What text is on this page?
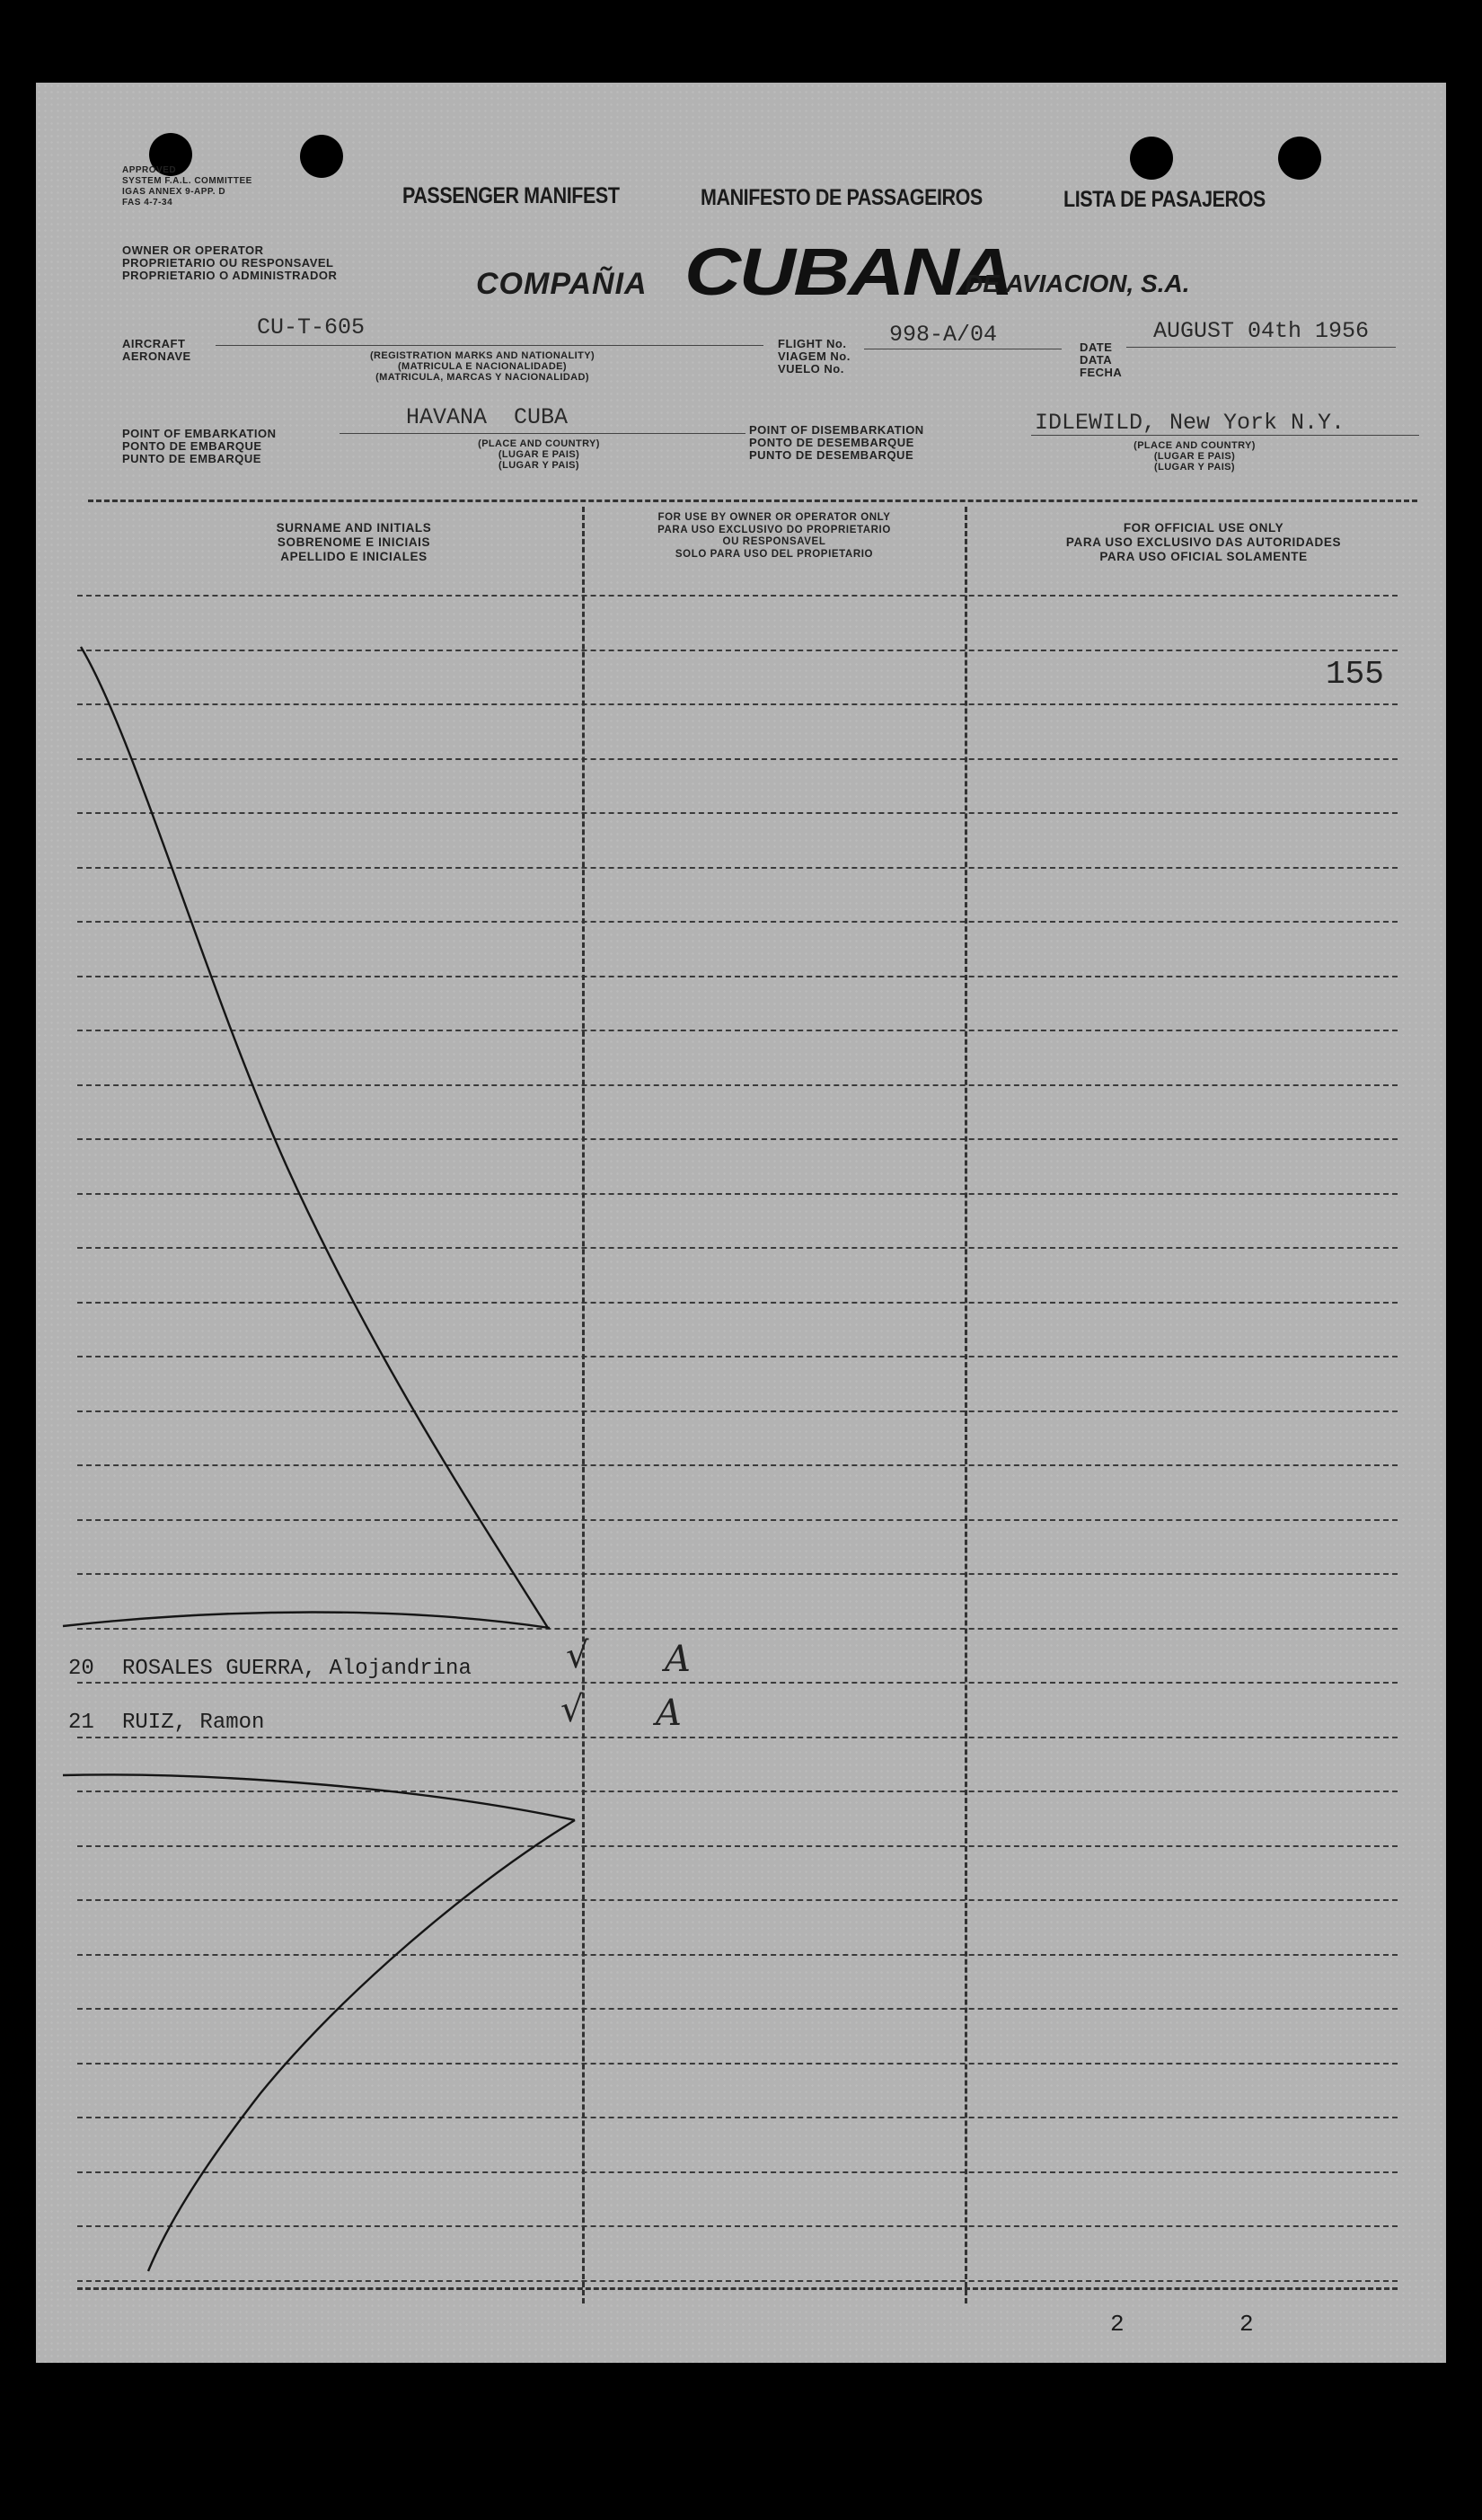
APPROVED
SYSTEM F.A.L. COMMITTEE
IGAS ANNEX 9-APP. D
FAS 4-7-34	PASSENGER MANIFEST	MANIFESTO DE PASSAGEIROS	LISTA DE PASAJEROS
OWNER OR OPERATOR
PROPRIETARIO OU RESPONSAVEL
PROPRIETARIO O ADMINISTRADOR	COMPAÑIA CUBANA
DE AVIACION, S.A.
AIRCRAFT
AERONAVE
CU-T-605
(REGISTRATION MARKS AND NATIONALITY)
(MATRICULA E NACIONALIDADE)
(MATRICULA, MARCAS Y NACIONALIDAD)
FLIGHT No.
VIAGEM No.
VUELO No.
998-A/04	DATE
DATA
FECHA
AUGUST 04th 1956
POINT OF EMBARKATION
PONTO DE EMBARQUE
PUNTO DE EMBARQUE
HAVANA  CUBA
(PLACE AND COUNTRY)
(LUGAR E PAIS)
(LUGAR Y PAIS)
POINT OF DISEMBARKATION
PONTO DE DESEMBARQUE
PUNTO DE DESEMBARQUE
IDLEWILD, New York N.Y.
(PLACE AND COUNTRY)
(LUGAR E PAIS)
(LUGAR Y PAIS)
SURNAME AND INITIALS
SOBRENOME E INICIAIS
APELLIDO E INICIALES
FOR USE BY OWNER OR OPERATOR ONLY
PARA USO EXCLUSIVO DO PROPRIETARIO
OU RESPONSAVEL
SOLO PARA USO DEL PROPIETARIO
FOR OFFICIAL USE ONLY
PARA USO EXCLUSIVO DAS AUTORIDADES
PARA USO OFICIAL SOLAMENTE
155
20 ROSALES GUERRA, Alojandrina	√ A
21 RUIZ, Ramon	√ A
2	2
